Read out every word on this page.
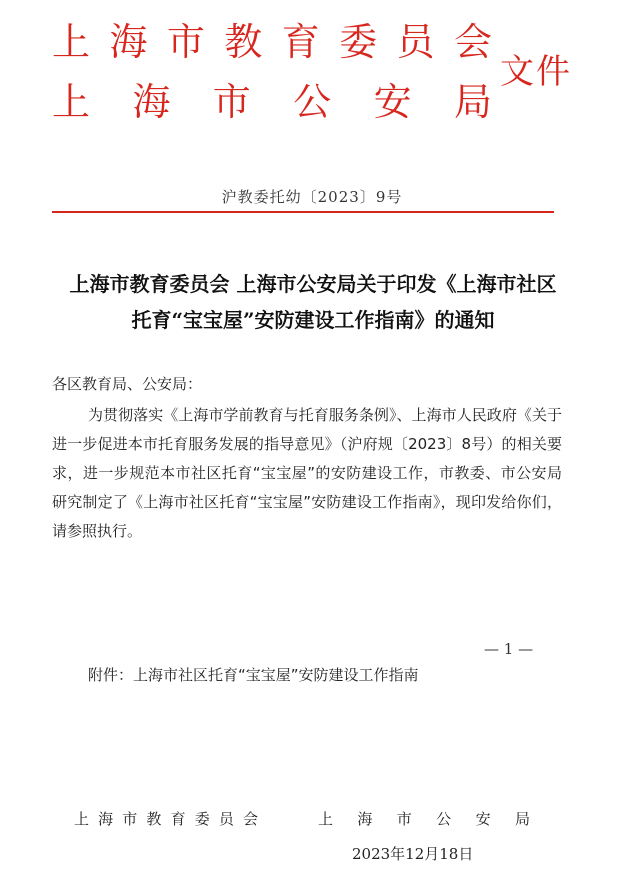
上 海 市 教 育 委 员 会
上 海 市 公 安 局
文件
沪教委托幼〔2023〕9号
上海市教育委员会 上海市公安局关于印发《上海市社区
托育“宝宝屋”安防建设工作指南》的通知
各区教育局、公安局：
为贯彻落实《上海市学前教育与托育服务条例》、上海市人民政府《关于进一步促进本市托育服务发展的指导意见》（沪府规〔2023〕8号）的相关要求，进一步规范本市社区托育“宝宝屋”的安防建设工作，市教委、市公安局研究制定了《上海市社区托育“宝宝屋”安防建设工作指南》，现印发给你们，请参照执行。
— 1 —
附件：上海市社区托育“宝宝屋”安防建设工作指南
上 海 市 教 育 委 员 会	上 海 市 公 安 局
2023年12月18日
